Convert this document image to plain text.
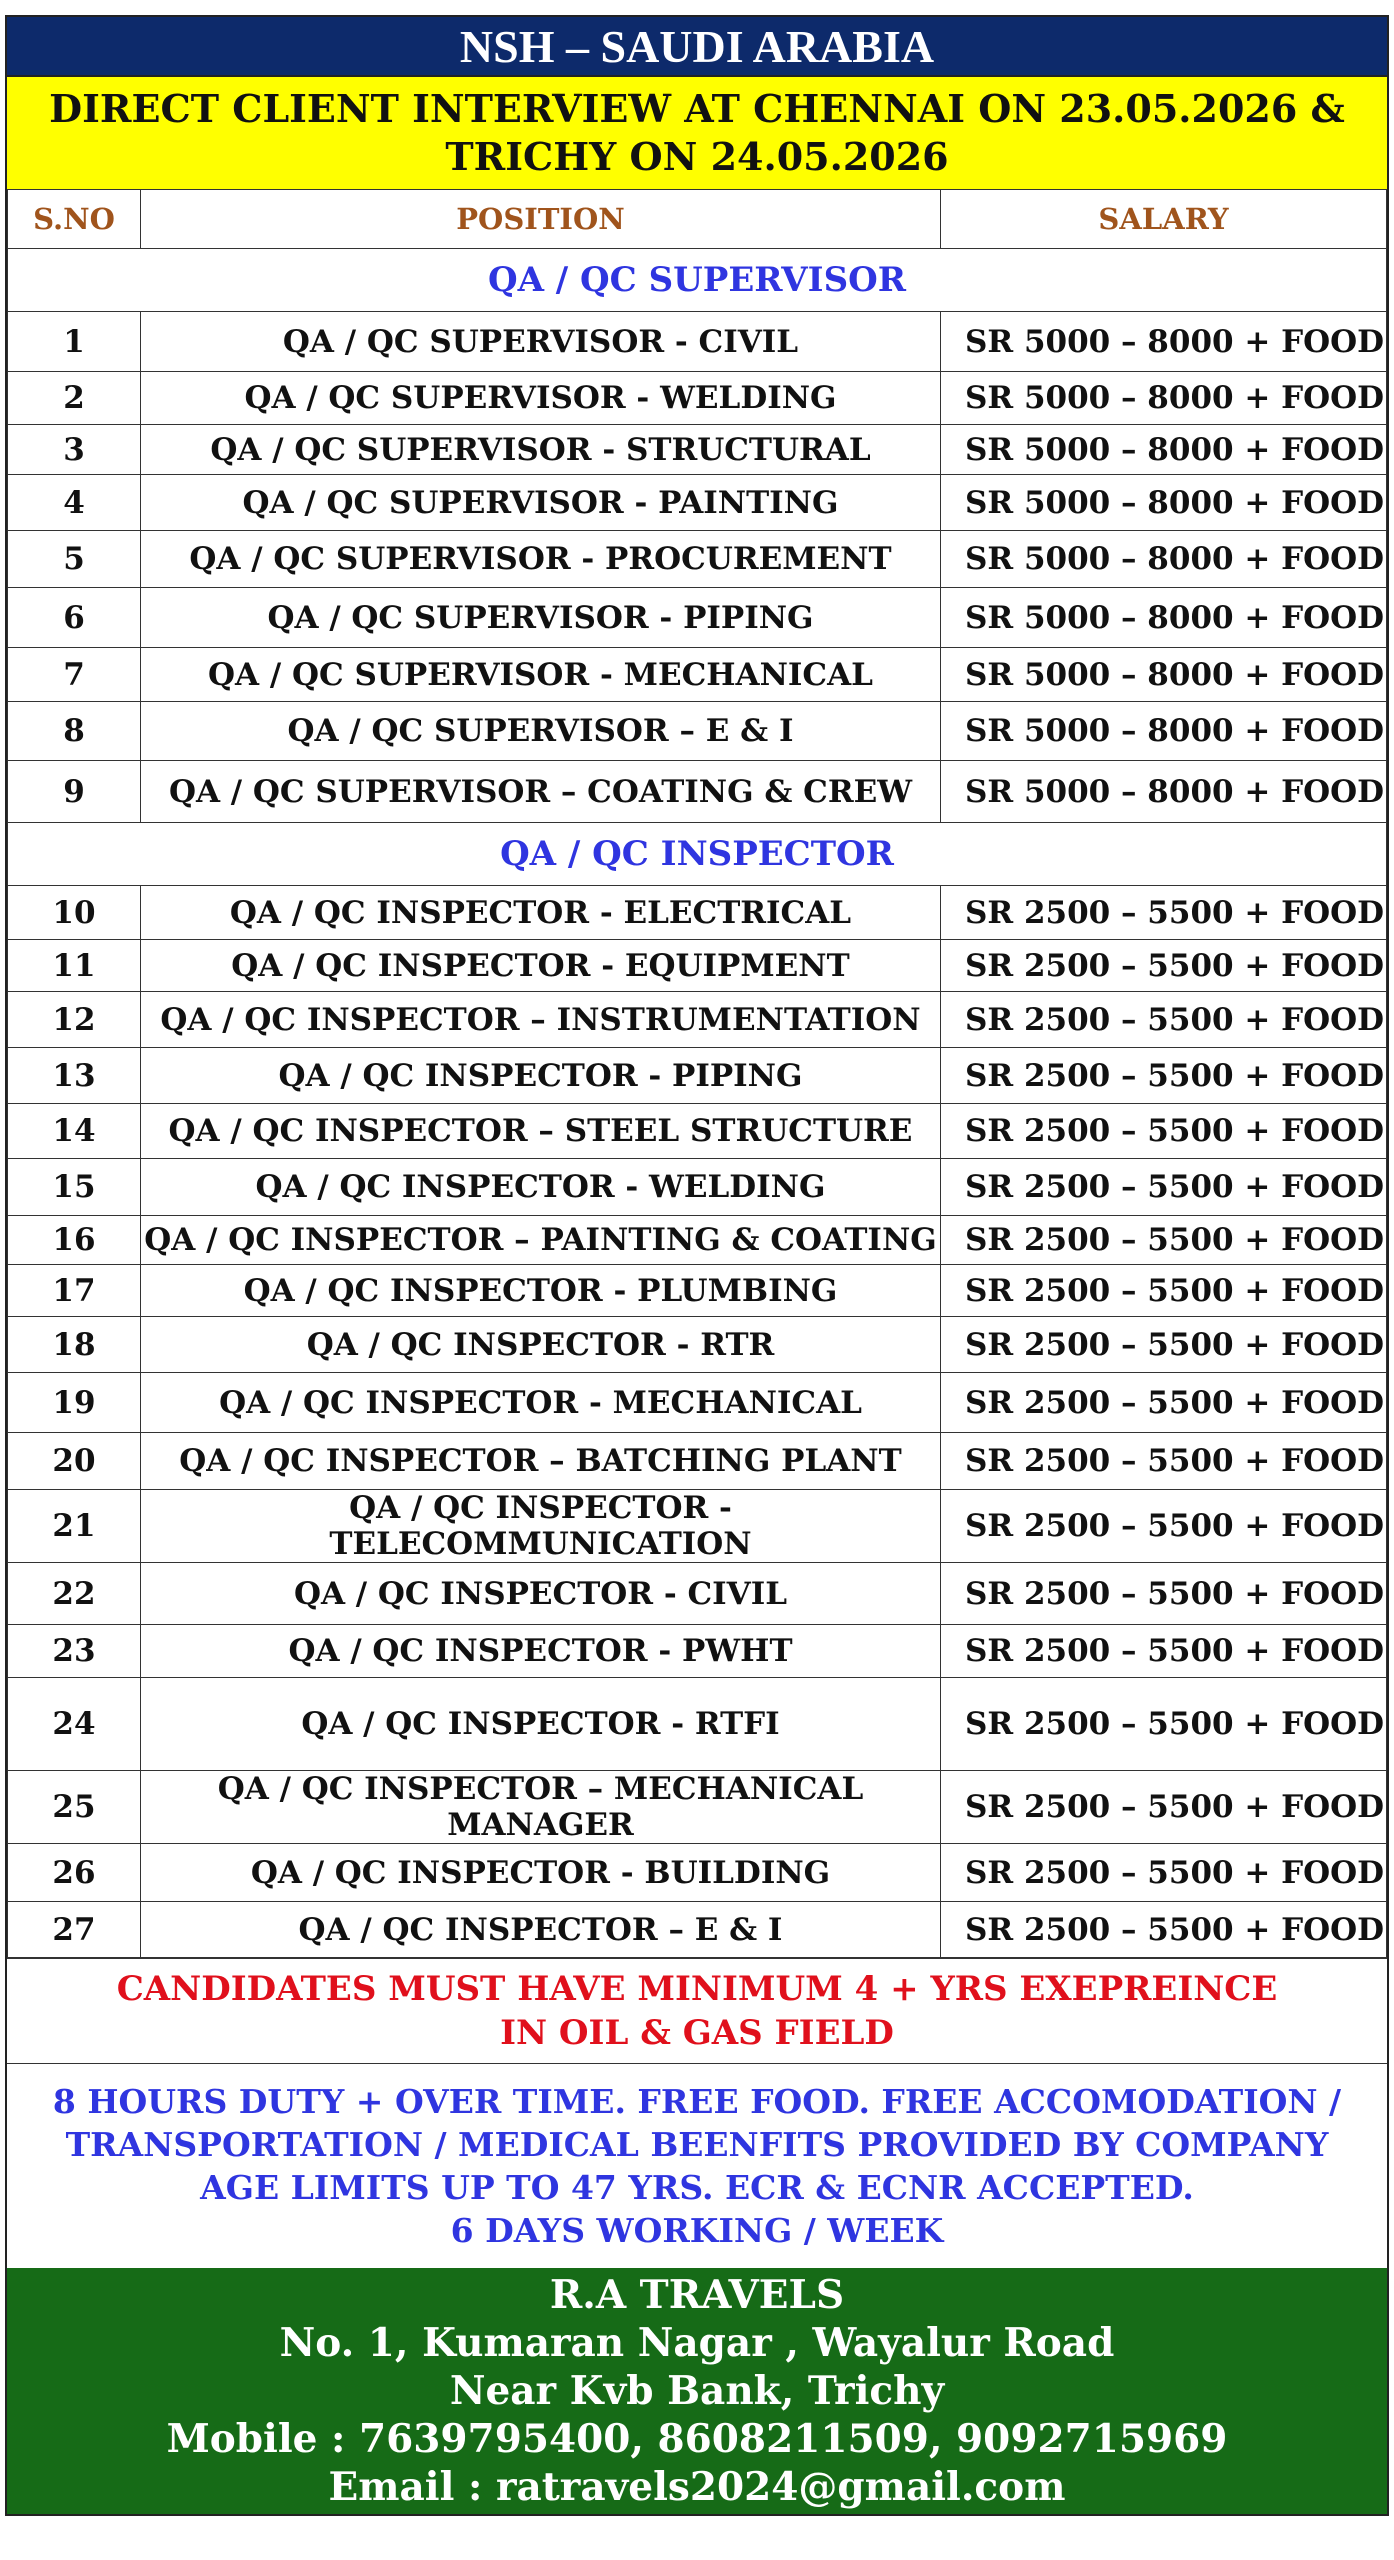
NSH – SAUDI ARABIA
DIRECT CLIENT INTERVIEW AT CHENNAI ON 23.05.2026 &
TRICHY ON 24.05.2026
S.NO	POSITION	SALARY
QA / QC SUPERVISOR		
1	QA / QC SUPERVISOR - CIVIL	SR 5000 – 8000 + FOOD
2	QA / QC SUPERVISOR - WELDING	SR 5000 – 8000 + FOOD
3	QA / QC SUPERVISOR - STRUCTURAL	SR 5000 – 8000 + FOOD
4	QA / QC SUPERVISOR - PAINTING	SR 5000 – 8000 + FOOD
5	QA / QC SUPERVISOR - PROCUREMENT	SR 5000 – 8000 + FOOD
6	QA / QC SUPERVISOR - PIPING	SR 5000 – 8000 + FOOD
7	QA / QC SUPERVISOR - MECHANICAL	SR 5000 – 8000 + FOOD
8	QA / QC SUPERVISOR – E & I	SR 5000 – 8000 + FOOD
9	QA / QC SUPERVISOR – COATING & CREW	SR 5000 – 8000 + FOOD
QA / QC INSPECTOR		
10	QA / QC INSPECTOR - ELECTRICAL	SR 2500 – 5500 + FOOD
11	QA / QC INSPECTOR - EQUIPMENT	SR 2500 – 5500 + FOOD
12	QA / QC INSPECTOR – INSTRUMENTATION	SR 2500 – 5500 + FOOD
13	QA / QC INSPECTOR - PIPING	SR 2500 – 5500 + FOOD
14	QA / QC INSPECTOR – STEEL STRUCTURE	SR 2500 – 5500 + FOOD
15	QA / QC INSPECTOR - WELDING	SR 2500 – 5500 + FOOD
16	QA / QC INSPECTOR – PAINTING & COATING	SR 2500 – 5500 + FOOD
17	QA / QC INSPECTOR - PLUMBING	SR 2500 – 5500 + FOOD
18	QA / QC INSPECTOR - RTR	SR 2500 – 5500 + FOOD
19	QA / QC INSPECTOR - MECHANICAL	SR 2500 – 5500 + FOOD
20	QA / QC INSPECTOR – BATCHING PLANT	SR 2500 – 5500 + FOOD
21	QA / QC INSPECTOR - TELECOMMUNICATION	SR 2500 – 5500 + FOOD
22	QA / QC INSPECTOR - CIVIL	SR 2500 – 5500 + FOOD
23	QA / QC INSPECTOR - PWHT	SR 2500 – 5500 + FOOD
24	QA / QC INSPECTOR - RTFI	SR 2500 – 5500 + FOOD
25	QA / QC INSPECTOR – MECHANICAL MANAGER	SR 2500 – 5500 + FOOD
26	QA / QC INSPECTOR - BUILDING	SR 2500 – 5500 + FOOD
27	QA / QC INSPECTOR – E & I	SR 2500 – 5500 + FOOD
CANDIDATES MUST HAVE MINIMUM 4 + YRS EXEPREINCE
IN OIL & GAS FIELD
8 HOURS DUTY + OVER TIME. FREE FOOD. FREE ACCOMODATION /
TRANSPORTATION / MEDICAL BEENFITS PROVIDED BY COMPANY
AGE LIMITS UP TO 47 YRS. ECR & ECNR ACCEPTED.
6 DAYS WORKING / WEEK
R.A TRAVELS
No. 1, Kumaran Nagar , Wayalur Road
Near Kvb Bank, Trichy
Mobile : 7639795400, 8608211509, 9092715969
Email : ratravels2024@gmail.com
